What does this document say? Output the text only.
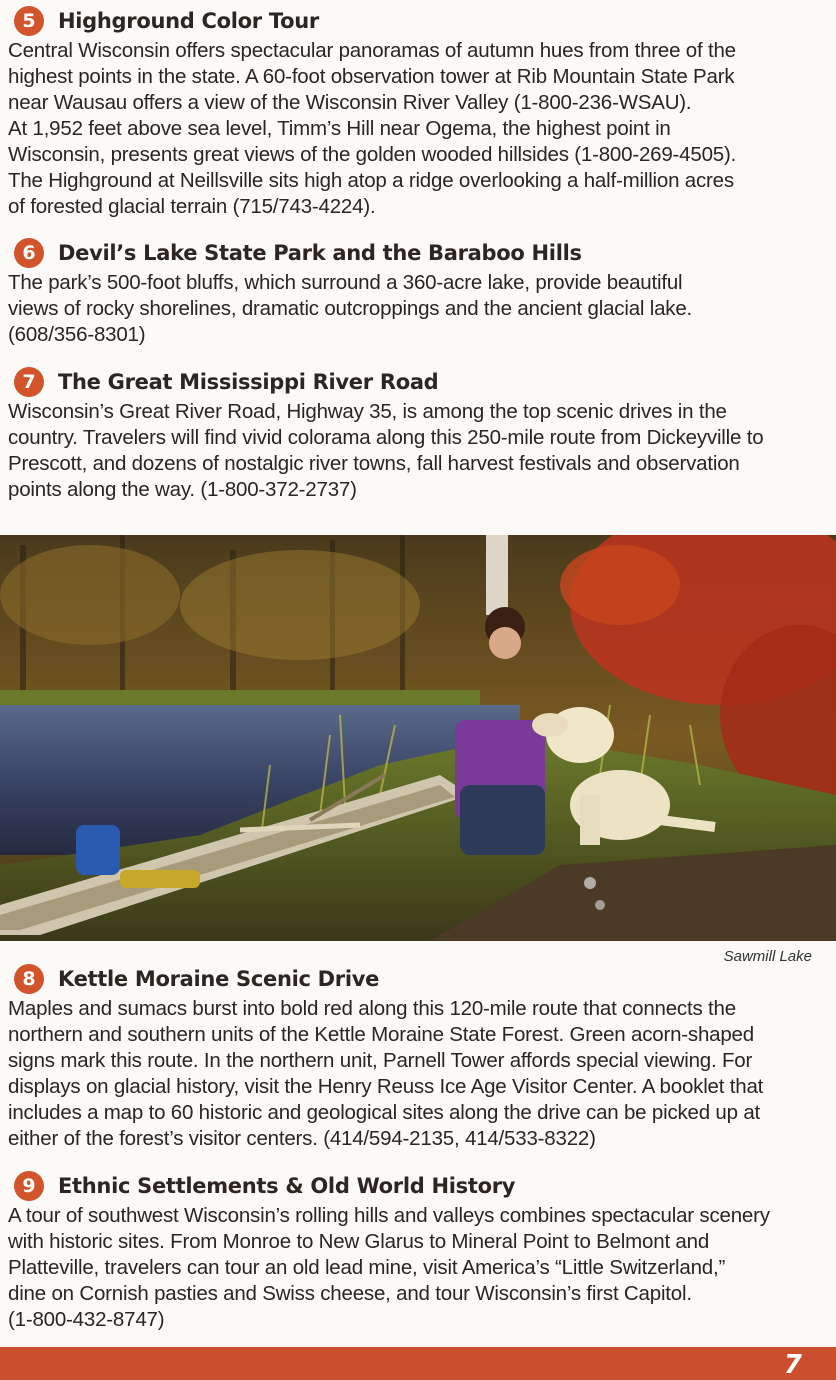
5	Highground Color Tour
Central Wisconsin offers spectacular panoramas of autumn hues from three of the
highest points in the state. A 60-foot observation tower at Rib Mountain State Park
near Wausau offers a view of the Wisconsin River Valley (1-800-236-WSAU).
At 1,952 feet above sea level, Timm’s Hill near Ogema, the highest point in
Wisconsin, presents great views of the golden wooded hillsides (1-800-269-4505).
The Highground at Neillsville sits high atop a ridge overlooking a half-million acres
of forested glacial terrain (715/743-4224).
6	Devil’s Lake State Park and the Baraboo Hills
The park’s 500-foot bluffs, which surround a 360-acre lake, provide beautiful
views of rocky shorelines, dramatic outcroppings and the ancient glacial lake.
(608/356-8301)
7	The Great Mississippi River Road
Wisconsin’s Great River Road, Highway 35, is among the top scenic drives in the
country. Travelers will find vivid colorama along this 250-mile route from Dickeyville to
Prescott, and dozens of nostalgic river towns, fall harvest festivals and observation
points along the way. (1-800-372-2737)
Sawmill Lake
8	Kettle Moraine Scenic Drive
Maples and sumacs burst into bold red along this 120-mile route that connects the
northern and southern units of the Kettle Moraine State Forest. Green acorn-shaped
signs mark this route. In the northern unit, Parnell Tower affords special viewing. For
displays on glacial history, visit the Henry Reuss Ice Age Visitor Center. A booklet that
includes a map to 60 historic and geological sites along the drive can be picked up at
either of the forest’s visitor centers. (414/594-2135, 414/533-8322)
9	Ethnic Settlements & Old World History
A tour of southwest Wisconsin’s rolling hills and valleys combines spectacular scenery
with historic sites. From Monroe to New Glarus to Mineral Point to Belmont and
Platteville, travelers can tour an old lead mine, visit America’s “Little Switzerland,”
dine on Cornish pasties and Swiss cheese, and tour Wisconsin’s first Capitol.
(1-800-432-8747)
7
